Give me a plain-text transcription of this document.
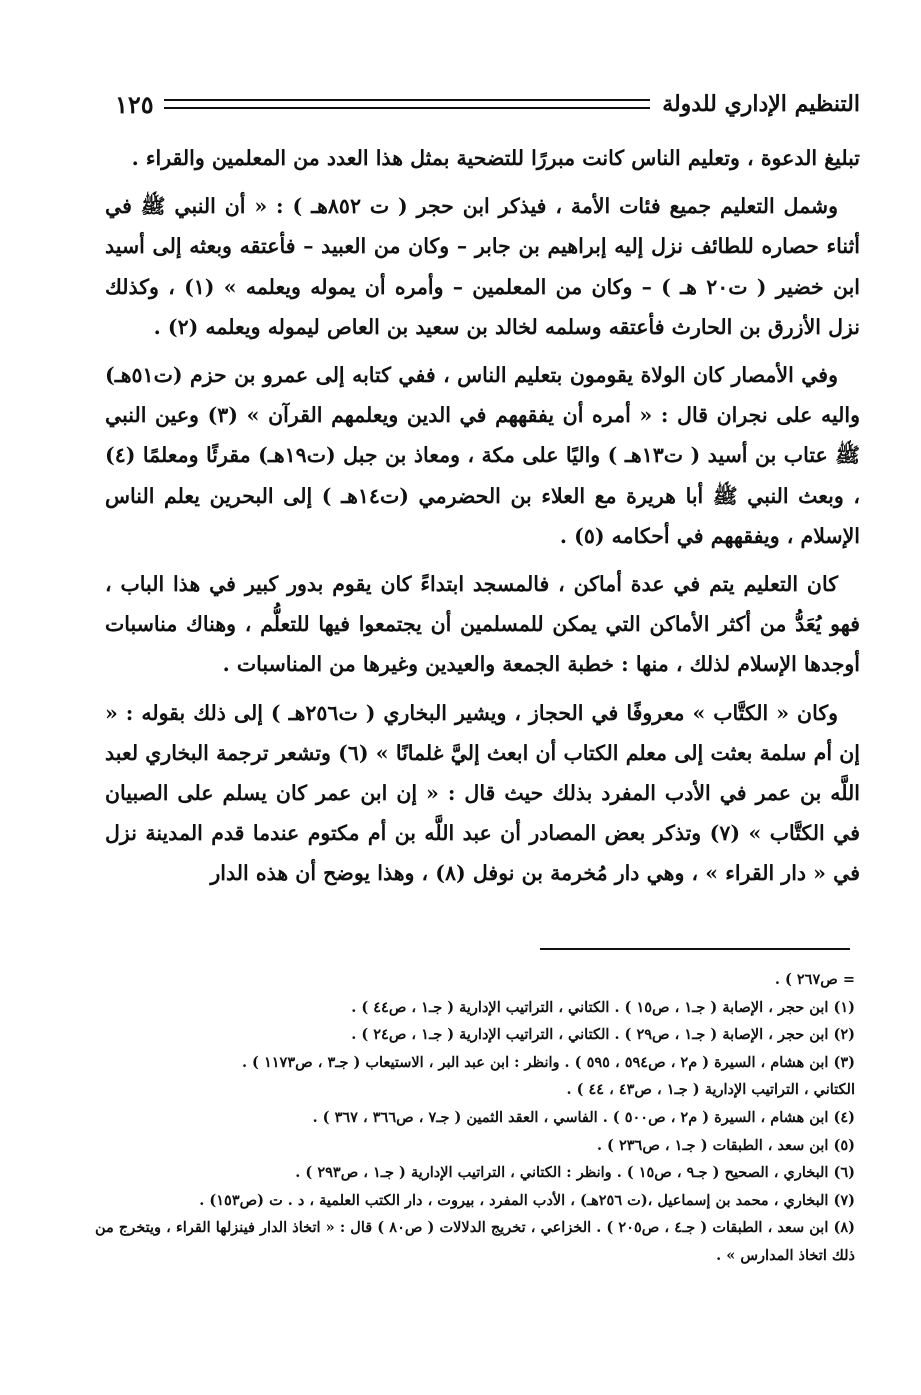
التنظيم الإداري للدولة
١٢٥

تبليغ الدعوة ، وتعليم الناس كانت مبررًا للتضحية بمثل هذا العدد من المعلمين والقراء .

وشمل التعليم جميع فئات الأمة ، فيذكر ابن حجر ( ت ٨٥٢هـ ) : « أن النبي ﷺ في أثناء حصاره للطائف نزل إليه إبراهيم بن جابر – وكان من العبيد – فأعتقه وبعثه إلى أسيد ابن خضير ( ت٢٠ هـ ) – وكان من المعلمين – وأمره أن يموله ويعلمه » (١) ، وكذلك نزل الأزرق بن الحارث فأعتقه وسلمه لخالد بن سعيد بن العاص ليموله ويعلمه (٢) .

وفي الأمصار كان الولاة يقومون بتعليم الناس ، ففي كتابه إلى عمرو بن حزم (ت٥١هـ) واليه على نجران قال : « أمره أن يفقههم في الدين ويعلمهم القرآن » (٣) وعين النبي ﷺ عتاب بن أسيد ( ت١٣هـ ) واليًا على مكة ، ومعاذ بن جبل (ت١٩هـ) مقرئًا ومعلمًا (٤) ، وبعث النبي ﷺ أبا هريرة مع العلاء بن الحضرمي (ت١٤هـ ) إلى البحرين يعلم الناس الإسلام ، ويفقههم في أحكامه (٥) .

كان التعليم يتم في عدة أماكن ، فالمسجد ابتداءً كان يقوم بدور كبير في هذا الباب ، فهو يُعَدُّ من أكثر الأماكن التي يمكن للمسلمين أن يجتمعوا فيها للتعلُّم ، وهناك مناسبات أوجدها الإسلام لذلك ، منها : خطبة الجمعة والعيدين وغيرها من المناسبات .

وكان « الكتَّاب » معروفًا في الحجاز ، ويشير البخاري ( ت٢٥٦هـ ) إلى ذلك بقوله : « إن أم سلمة بعثت إلى معلم الكتاب أن ابعث إليَّ غلمانًا » (٦) وتشعر ترجمة البخاري لعبد اللَّه بن عمر في الأدب المفرد بذلك حيث قال : « إن ابن عمر كان يسلم على الصبيان في الكتَّاب » (٧) وتذكر بعض المصادر أن عبد اللَّه بن أم مكتوم عندما قدم المدينة نزل في « دار القراء » ، وهي دار مُخرمة بن نوفل (٨) ، وهذا يوضح أن هذه الدار

= ص٢٦٧ ) .

(١) ابن حجر ، الإصابة ( جـ١ ، ص١٥ ) . الكتاني ، التراتيب الإدارية ( جـ١ ، ص٤٤ ) .

(٢) ابن حجر ، الإصابة ( جـ١ ، ص٢٩ ) . الكتاني ، التراتيب الإدارية ( جـ١ ، ص٢٤ ) .

(٣) ابن هشام ، السيرة ( م٢ ، ص٥٩٤ ، ٥٩٥ ) . وانظر : ابن عبد البر ، الاستيعاب ( جـ٣ ، ص١١٧٣ ) .

الكتاني ، التراتيب الإدارية ( جـ١ ، ص٤٣ ، ٤٤ ) .

(٤) ابن هشام ، السيرة ( م٢ ، ص٥٠٠ ) . الفاسي ، العقد الثمين ( جـ٧ ، ص٣٦٦ ، ٣٦٧ ) .

(٥) ابن سعد ، الطبقات ( جـ١ ، ص٢٣٦ ) .

(٦) البخاري ، الصحيح ( جـ٩ ، ص١٥ ) . وانظر : الكتاني ، التراتيب الإدارية ( جـ١ ، ص٢٩٣ ) .

(٧) البخاري ، محمد بن إسماعيل ،(ت ٢٥٦هـ) ، الأدب المفرد ، بيروت ، دار الكتب العلمية ، د . ت (ص١٥٣) .

(٨) ابن سعد ، الطبقات ( جـ٤ ، ص٢٠٥ ) . الخزاعي ، تخريج الدلالات ( ص٨٠ ) قال : « اتخاذ الدار فينزلها القراء ، ويتخرج من ذلك اتخاذ المدارس » .
